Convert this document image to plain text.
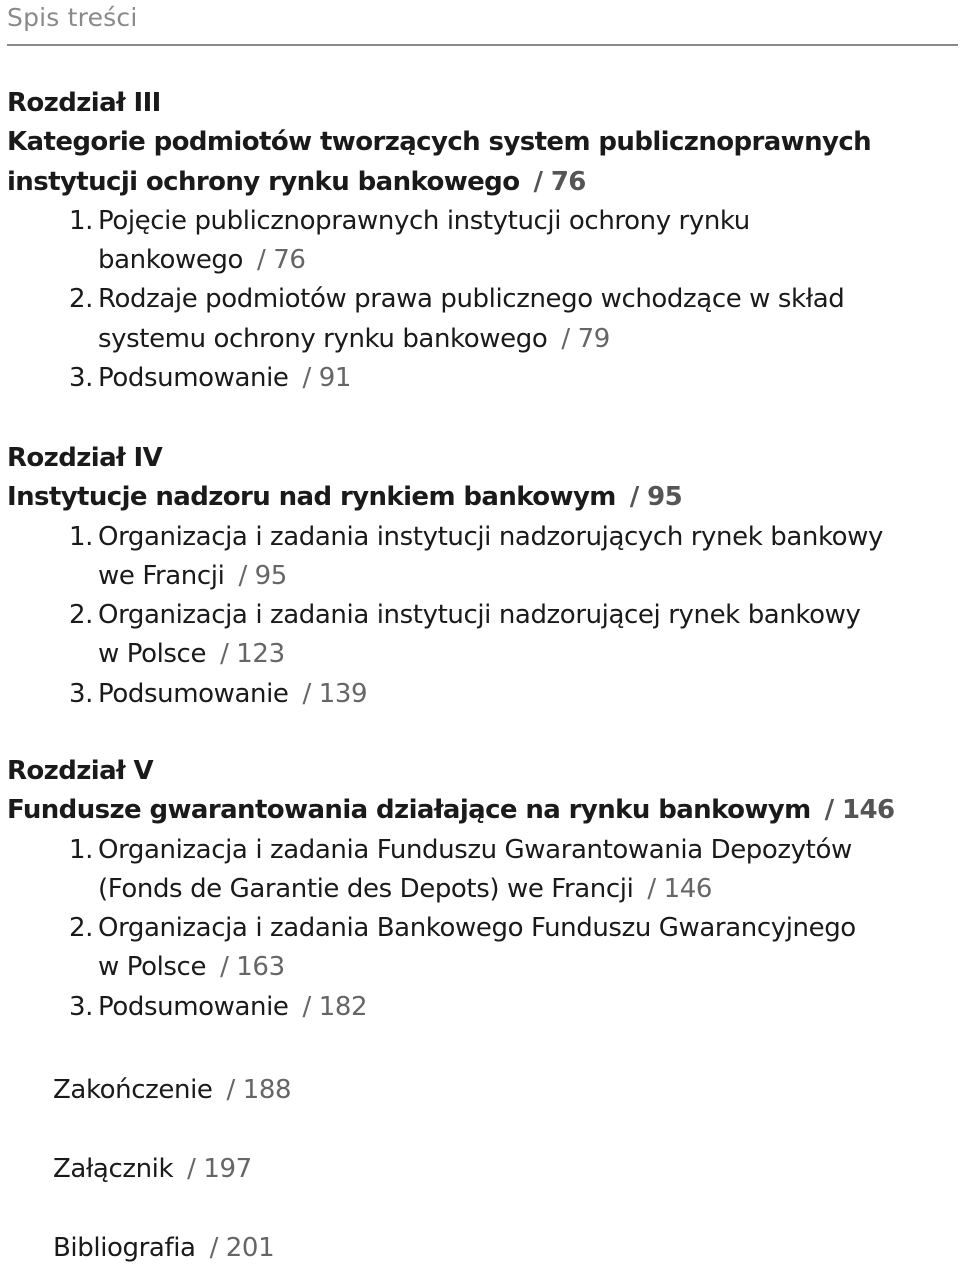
Spis treści
Rozdział III
Kategorie podmiotów tworzących system publicznoprawnych
instytucji ochrony rynku bankowego / 76
1. Pojęcie publicznoprawnych instytucji ochrony rynku
bankowego / 76
2. Rodzaje podmiotów prawa publicznego wchodzące w skład
systemu ochrony rynku bankowego / 79
3. Podsumowanie / 91
Rozdział IV
Instytucje nadzoru nad rynkiem bankowym / 95
1. Organizacja i zadania instytucji nadzorujących rynek bankowy
we Francji / 95
2. Organizacja i zadania instytucji nadzorującej rynek bankowy
w Polsce / 123
3. Podsumowanie / 139
Rozdział V
Fundusze gwarantowania działające na rynku bankowym / 146
1. Organizacja i zadania Funduszu Gwarantowania Depozytów
(Fonds de Garantie des Depots) we Francji / 146
2. Organizacja i zadania Bankowego Funduszu Gwarancyjnego
w Polsce / 163
3. Podsumowanie / 182
Zakończenie / 188
Załącznik / 197
Bibliografia / 201
